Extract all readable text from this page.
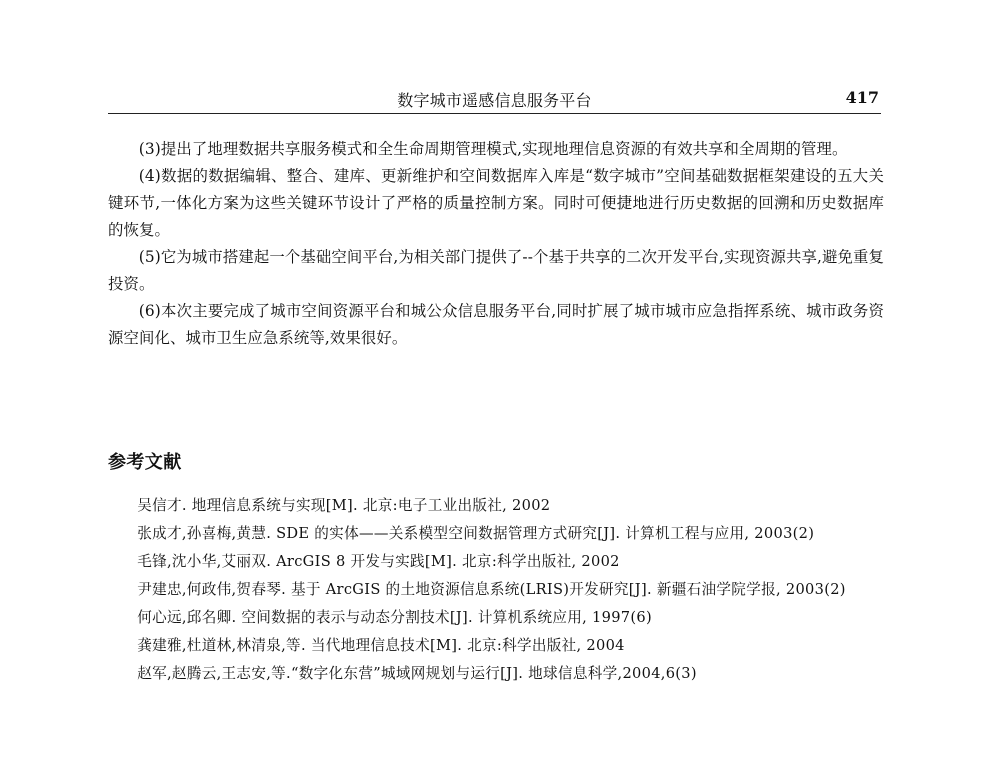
数字城市遥感信息服务平台	417

(3)提出了地理数据共享服务模式和全生命周期管理模式,实现地理信息资源的有效共享和全周期的管理。

(4)数据的数据编辑、整合、建库、更新维护和空间数据库入库是“数字城市”空间基础数据框架建设的五大关键环节,一体化方案为这些关键环节设计了严格的质量控制方案。同时可便捷地进行历史数据的回溯和历史数据库的恢复。

(5)它为城市搭建起一个基础空间平台,为相关部门提供了--个基于共享的二次开发平台,实现资源共享,避免重复投资。

(6)本次主要完成了城市空间资源平台和城公众信息服务平台,同时扩展了城市城市应急指挥系统、城市政务资源空间化、城市卫生应急系统等,效果很好。

参考文献

吴信才. 地理信息系统与实现[M]. 北京:电子工业出版社, 2002

张成才,孙喜梅,黄慧. SDE 的实体——关系模型空间数据管理方式研究[J]. 计算机工程与应用, 2003(2)

毛锋,沈小华,艾丽双. ArcGIS 8 开发与实践[M]. 北京:科学出版社, 2002

尹建忠,何政伟,贺春琴. 基于 ArcGIS 的土地资源信息系统(LRIS)开发研究[J]. 新疆石油学院学报, 2003(2)

何心远,邱名卿. 空间数据的表示与动态分割技术[J]. 计算机系统应用, 1997(6)

龚建雅,杜道林,林清泉,等. 当代地理信息技术[M]. 北京:科学出版社, 2004

赵军,赵腾云,王志安,等.“数字化东营”城域网规划与运行[J]. 地球信息科学,2004,6(3)
